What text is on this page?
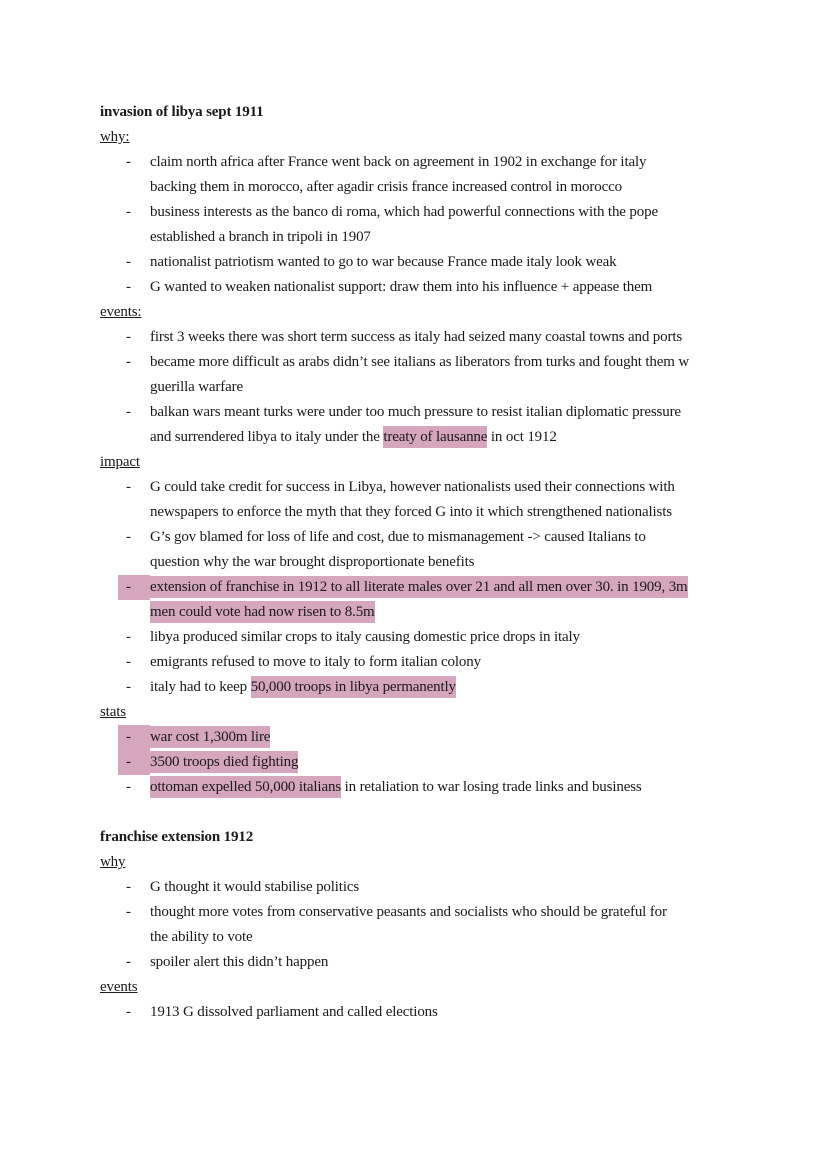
invasion of libya sept 1911
why:
-	claim north africa after France went back on agreement in 1902 in exchange for italy
backing them in morocco, after agadir crisis france increased control in morocco
-	business interests as the banco di roma, which had powerful connections with the pope
established a branch in tripoli in 1907
-	nationalist patriotism wanted to go to war because France made italy look weak
-	G wanted to weaken nationalist support: draw them into his influence + appease them
events:
-	first 3 weeks there was short term success as italy had seized many coastal towns and ports
-	became more difficult as arabs didn’t see italians as liberators from turks and fought them w
guerilla warfare
-	balkan wars meant turks were under too much pressure to resist italian diplomatic pressure
and surrendered libya to italy under the treaty of lausanne in oct 1912
impact
-	G could take credit for success in Libya, however nationalists used their connections with
newspapers to enforce the myth that they forced G into it which strengthened nationalists
-	G’s gov blamed for loss of life and cost, due to mismanagement -> caused Italians to
question why the war brought disproportionate benefits
-	extension of franchise in 1912 to all literate males over 21 and all men over 30. in 1909, 3m
men could vote had now risen to 8.5m
-	libya produced similar crops to italy causing domestic price drops in italy
-	emigrants refused to move to italy to form italian colony
-	italy had to keep 50,000 troops in libya permanently
stats
-	war cost 1,300m lire
-	3500 troops died fighting
-	ottoman expelled 50,000 italians in retaliation to war losing trade links and business
franchise extension 1912
why
-	G thought it would stabilise politics
-	thought more votes from conservative peasants and socialists who should be grateful for
the ability to vote
-	spoiler alert this didn’t happen
events
-	1913 G dissolved parliament and called elections
